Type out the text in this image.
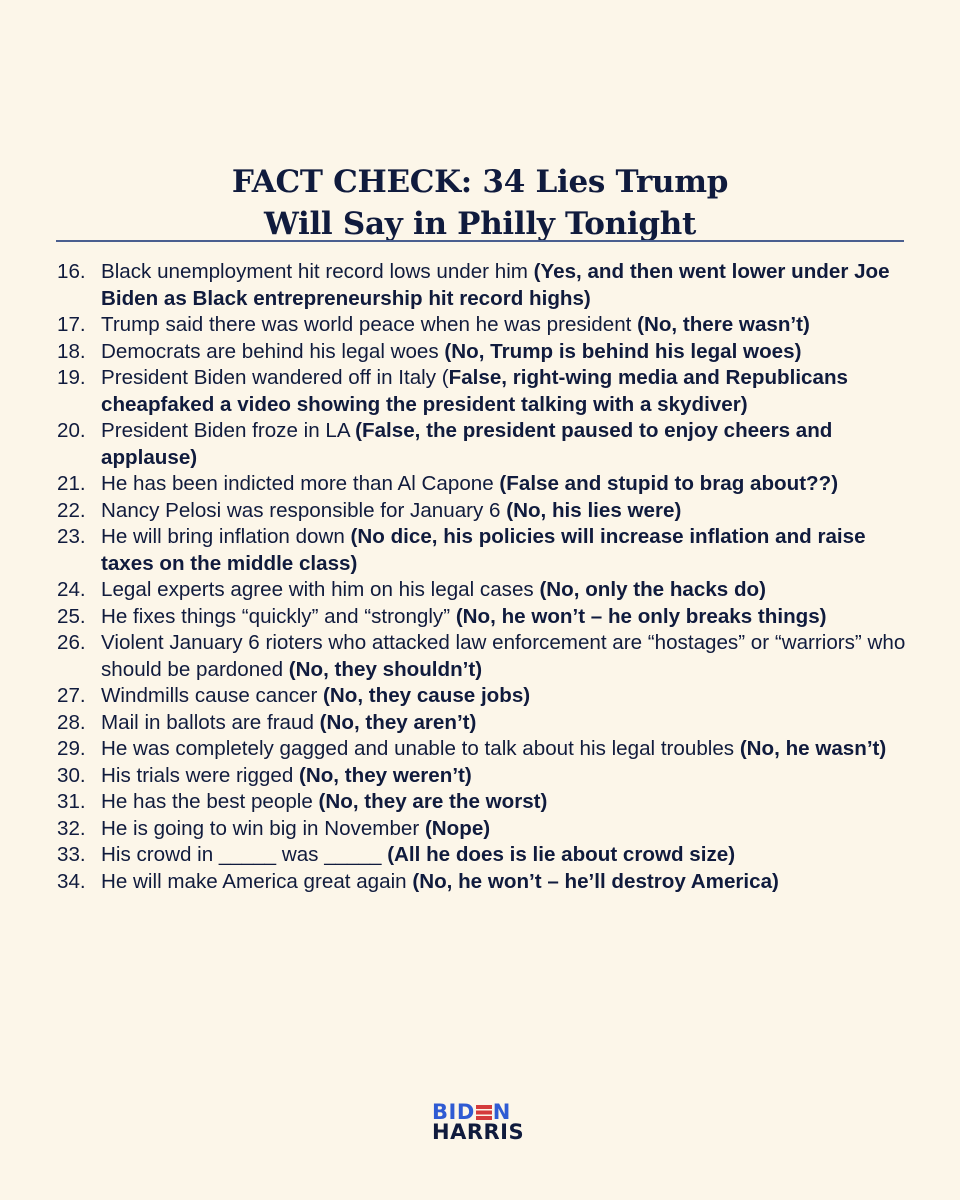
FACT CHECK: 34 Lies Trump
Will Say in Philly Tonight
16. Black unemployment hit record lows under him (Yes, and then went lower under Joe Biden as Black entrepreneurship hit record highs)
17. Trump said there was world peace when he was president (No, there wasn’t)
18. Democrats are behind his legal woes (No, Trump is behind his legal woes)
19. President Biden wandered off in Italy (False, right-wing media and Republicans cheapfaked a video showing the president talking with a skydiver)
20. President Biden froze in LA (False, the president paused to enjoy cheers and applause)
21. He has been indicted more than Al Capone (False and stupid to brag about??)
22. Nancy Pelosi was responsible for January 6 (No, his lies were)
23. He will bring inflation down (No dice, his policies will increase inflation and raise taxes on the middle class)
24. Legal experts agree with him on his legal cases (No, only the hacks do)
25. He fixes things “quickly” and “strongly” (No, he won’t – he only breaks things)
26. Violent January 6 rioters who attacked law enforcement are “hostages” or “warriors” who should be pardoned (No, they shouldn’t)
27. Windmills cause cancer (No, they cause jobs)
28. Mail in ballots are fraud (No, they aren’t)
29. He was completely gagged and unable to talk about his legal troubles (No, he wasn’t)
30. His trials were rigged (No, they weren’t)
31. He has the best people (No, they are the worst)
32. He is going to win big in November (Nope)
33. His crowd in _____ was _____ (All he does is lie about crowd size)
34. He will make America great again (No, he won’t – he’ll destroy America)
BID N
HARRIS
